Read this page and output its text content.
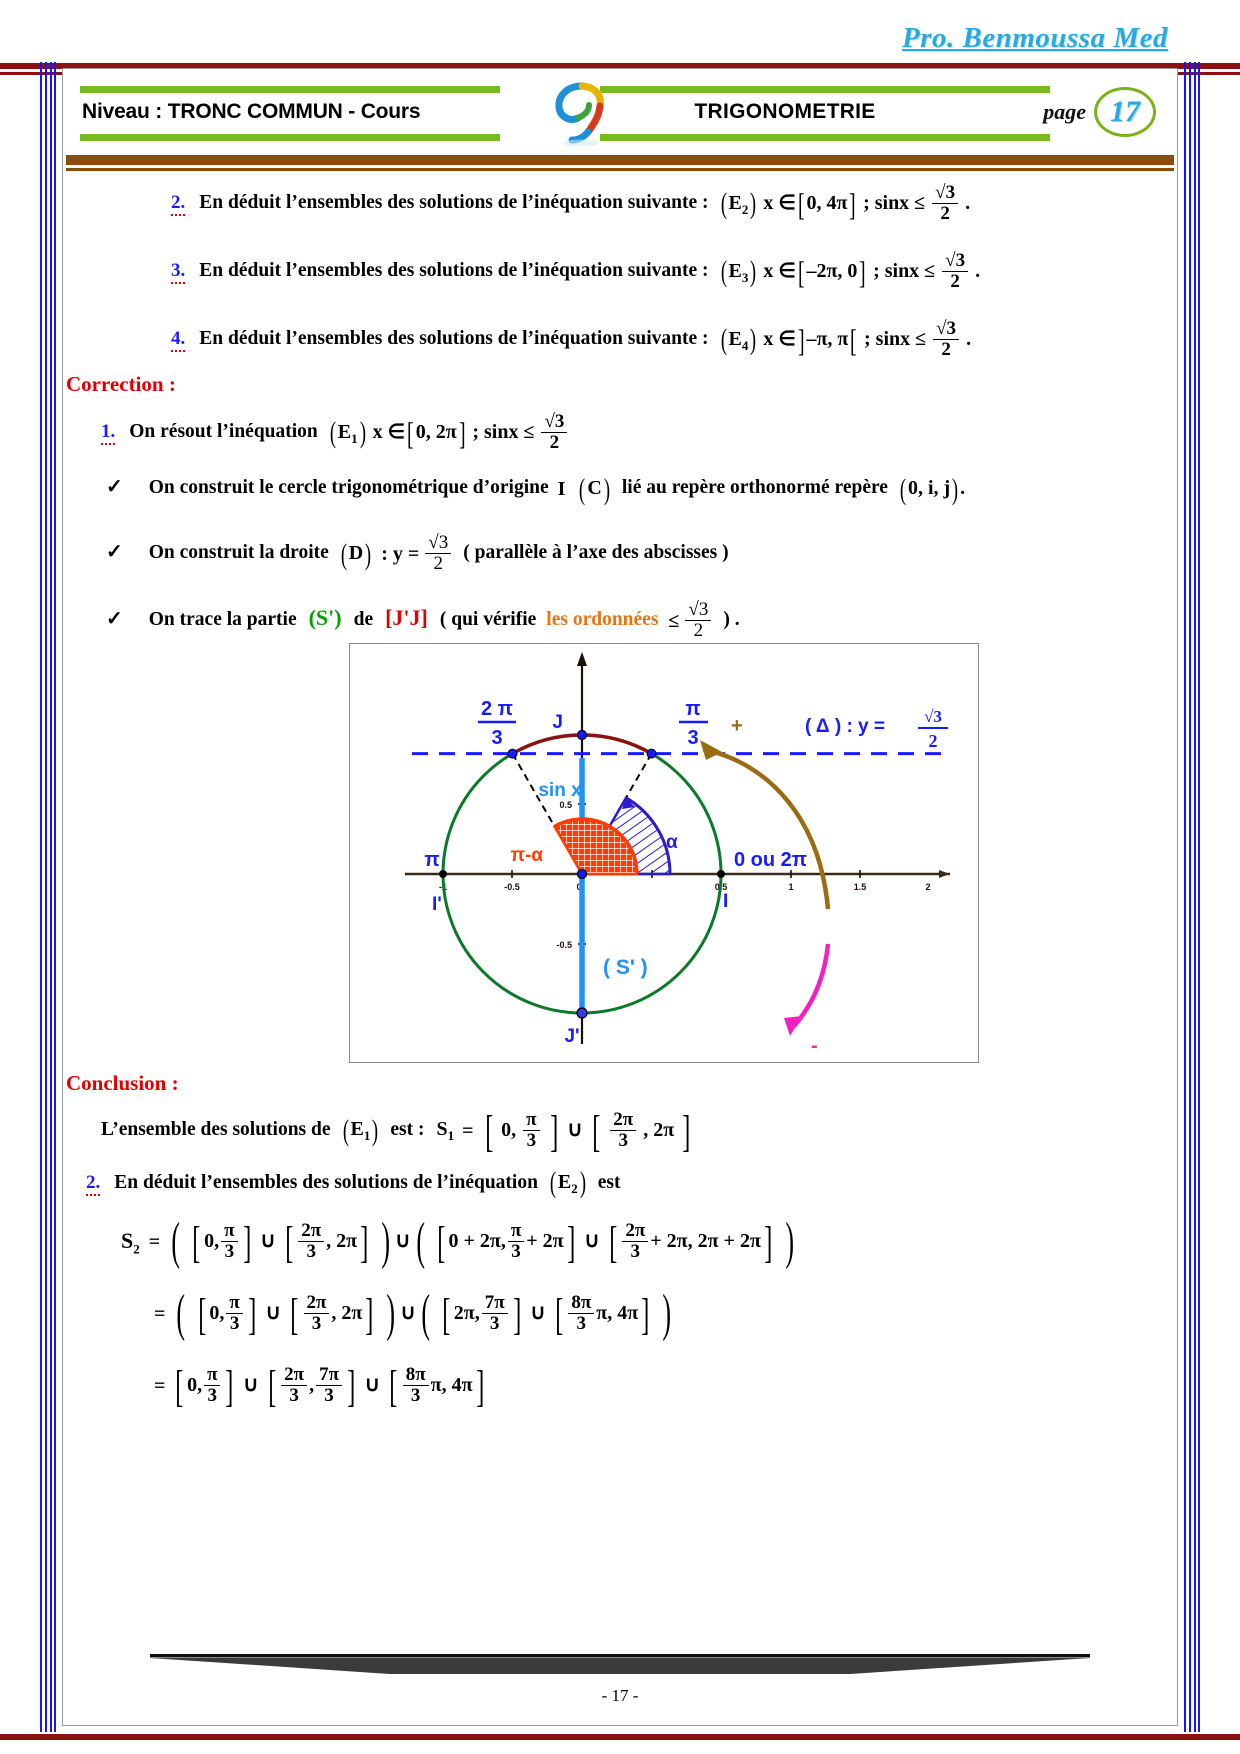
Pro. Benmoussa Med
Niveau : TRONC COMMUN - Cours	TRIGONOMETRIE	page 17
2. En déduit l’ensembles des solutions de l’inéquation suivante : $(E_2)$ x ∈[ 0, 4π] ; $\sin x \le \frac{√3}{2}$ .
3. En déduit l’ensembles des solutions de l’inéquation suivante : $(E_3)$ x ∈[ –2π, 0] ; $\sin x \le \frac{√3}{2}$ .
4. En déduit l’ensembles des solutions de l’inéquation suivante : $(E_4)$ x ∈] –π, π[ ; $\sin x \le \frac{√3}{2}$ .
Correction :
1. On résout l’inéquation $(E_1)$ x ∈[ 0, 2π] ; $\sin x \le \frac{√3}{2}$
✓ On construit le cercle trigonométrique d’origine I (C) lié au repère orthonormé repère (0, i, j).
✓ On construit la droite (D) : $y = \frac{√3}{2}$ ( parallèle à l’axe des abscisses )
✓ On trace la partie (S') de [J'J] ( qui vérifie les ordonnées ≤ $\frac{√3}{2}$ ) .
-1	-0.5	0	0.5	1	1.5	2
0.5
-0.5
+
-
2 π
3
π
3
J
J'
I
I'
π	0 ou 2π
sin x
α
π-α
( S' )
( Δ ) : y = √3
2
Conclusion :
L’ensemble des solutions de $(E_1)$ est : $S_1$ = [ 0, $\frac{\pi}{3}$ ] ∪ [ $\frac{2\pi}{3}$ , 2π ]
2. En déduit l’ensembles des solutions de l’inéquation $(E_2)$ est
$S_2$ = ( [ 0, $\frac{\pi}{3}$ ] ∪ [ $\frac{2\pi}{3}$ , 2π] ) ∪ ( [ 0 + 2π, $\frac{\pi}{3} + 2\pi$] ∪ [ $\frac{2\pi}{3} + 2\pi$, 2π + 2π] )
= ( [ 0, $\frac{\pi}{3}$ ] ∪ [ $\frac{2\pi}{3}$ , 2π] ) ∪ ( [ 2π, $\frac{7\pi}{3}$ ] ∪ [ $\frac{8\pi}{3} \pi$, 4π] )
= [ 0, $\frac{\pi}{3}$ ] ∪ [ $\frac{2\pi}{3}$ , $\frac{7\pi}{3}$ ] ∪ [ $\frac{8\pi}{3} \pi$, 4π]
- 17 -
